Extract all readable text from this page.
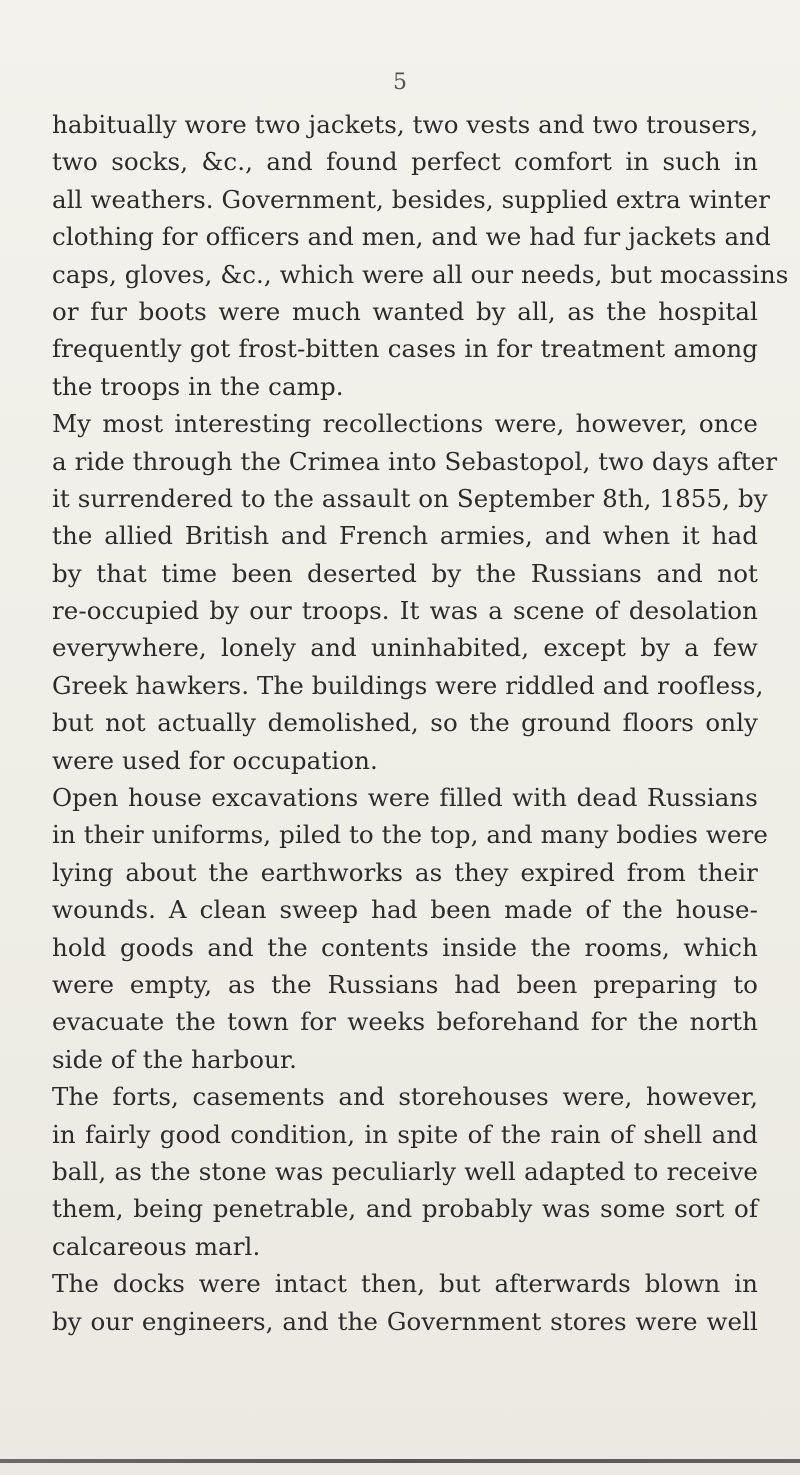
5
habitually wore two jackets, two vests and two trousers,
two socks, &c., and found perfect comfort in such in
all weathers. Government, besides, supplied extra winter
clothing for officers and men, and we had fur jackets and
caps, gloves, &c., which were all our needs, but mocassins
or fur boots were much wanted by all, as the hospital
frequently got frost-bitten cases in for treatment among
the troops in the camp.
My most interesting recollections were, however, once
a ride through the Crimea into Sebastopol, two days after
it surrendered to the assault on September 8th, 1855, by
the allied British and French armies, and when it had
by that time been deserted by the Russians and not
re-occupied by our troops. It was a scene of desolation
everywhere, lonely and uninhabited, except by a few
Greek hawkers. The buildings were riddled and roofless,
but not actually demolished, so the ground floors only
were used for occupation.
Open house excavations were filled with dead Russians
in their uniforms, piled to the top, and many bodies were
lying about the earthworks as they expired from their
wounds. A clean sweep had been made of the house-
hold goods and the contents inside the rooms, which
were empty, as the Russians had been preparing to
evacuate the town for weeks beforehand for the north
side of the harbour.
The forts, casements and storehouses were, however,
in fairly good condition, in spite of the rain of shell and
ball, as the stone was peculiarly well adapted to receive
them, being penetrable, and probably was some sort of
calcareous marl.
The docks were intact then, but afterwards blown in
by our engineers, and the Government stores were well
